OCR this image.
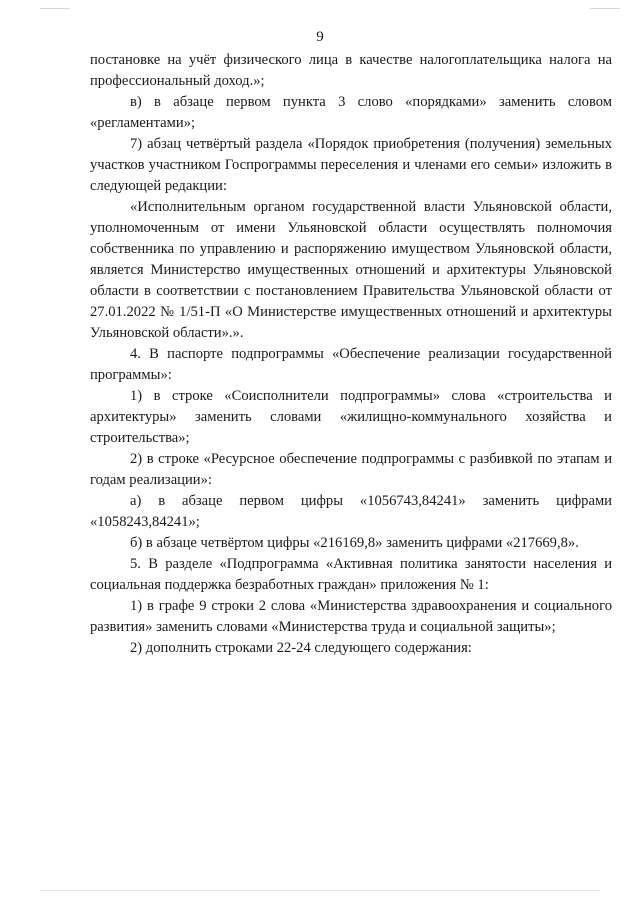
9

постановке на учёт физического лица в качестве налогоплательщика налога на профессиональный доход.»;

в) в абзаце первом пункта 3 слово «порядками» заменить словом «регламентами»;

7) абзац четвёртый раздела «Порядок приобретения (получения) земельных участков участником Госпрограммы переселения и членами его семьи» изложить в следующей редакции:

«Исполнительным органом государственной власти Ульяновской области, уполномоченным от имени Ульяновской области осуществлять полномочия собственника по управлению и распоряжению имуществом Ульяновской области, является Министерство имущественных отношений и архитектуры Ульяновской области в соответствии с постановлением Правительства Ульяновской области от 27.01.2022 № 1/51-П «О Министерстве имущественных отношений и архитектуры Ульяновской области».».

4. В паспорте подпрограммы «Обеспечение реализации государственной программы»:

1) в строке «Соисполнители подпрограммы» слова «строительства и архитектуры» заменить словами «жилищно-коммунального хозяйства и строительства»;

2) в строке «Ресурсное обеспечение подпрограммы с разбивкой по этапам и годам реализации»:

а) в абзаце первом цифры «1056743,84241» заменить цифрами «1058243,84241»;

б) в абзаце четвёртом цифры «216169,8» заменить цифрами «217669,8».

5. В разделе «Подпрограмма «Активная политика занятости населения и социальная поддержка безработных граждан» приложения № 1:

1) в графе 9 строки 2 слова «Министерства здравоохранения и социального развития» заменить словами «Министерства труда и социальной защиты»;

2) дополнить строками 22-24 следующего содержания:
